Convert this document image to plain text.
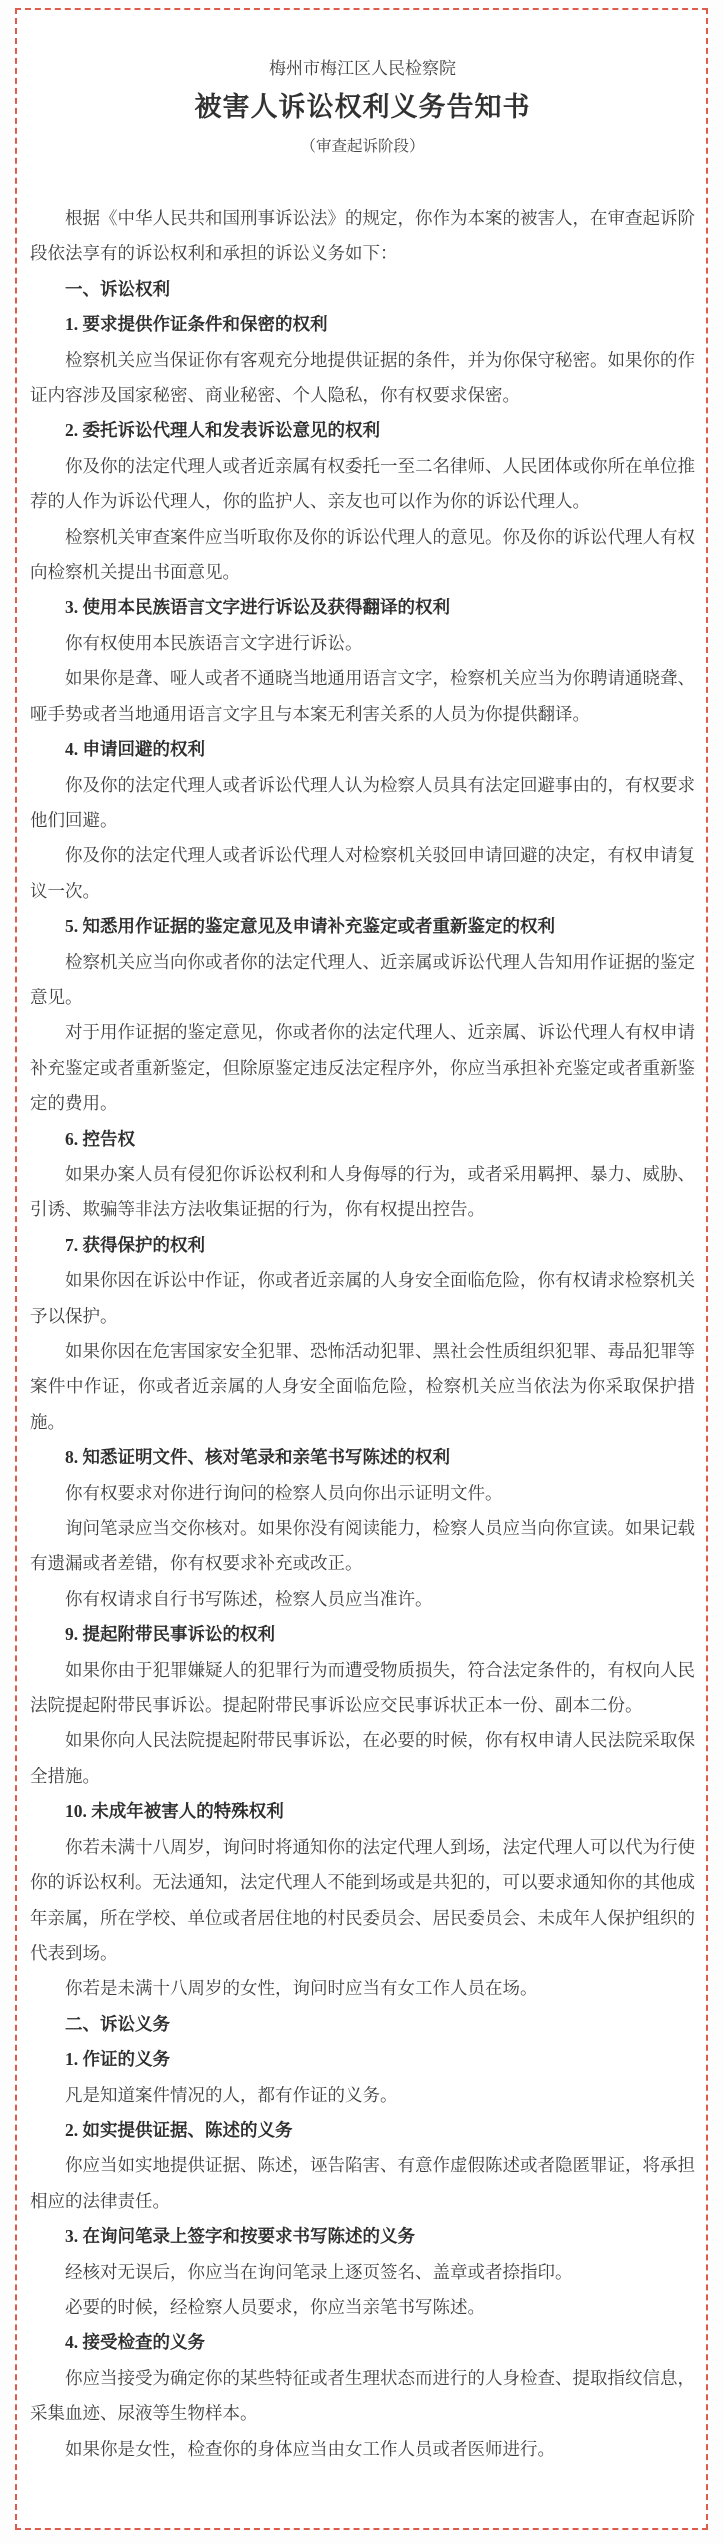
梅州市梅江区人民检察院

被害人诉讼权利义务告知书

（审查起诉阶段）

根据《中华人民共和国刑事诉讼法》的规定，你作为本案的被害人，在审查起诉阶段依法享有的诉讼权利和承担的诉讼义务如下：

一、诉讼权利

1. 要求提供作证条件和保密的权利

检察机关应当保证你有客观充分地提供证据的条件，并为你保守秘密。如果你的作证内容涉及国家秘密、商业秘密、个人隐私，你有权要求保密。

2. 委托诉讼代理人和发表诉讼意见的权利

你及你的法定代理人或者近亲属有权委托一至二名律师、人民团体或你所在单位推荐的人作为诉讼代理人，你的监护人、亲友也可以作为你的诉讼代理人。

检察机关审查案件应当听取你及你的诉讼代理人的意见。你及你的诉讼代理人有权向检察机关提出书面意见。

3. 使用本民族语言文字进行诉讼及获得翻译的权利

你有权使用本民族语言文字进行诉讼。

如果你是聋、哑人或者不通晓当地通用语言文字，检察机关应当为你聘请通晓聋、哑手势或者当地通用语言文字且与本案无利害关系的人员为你提供翻译。

4. 申请回避的权利

你及你的法定代理人或者诉讼代理人认为检察人员具有法定回避事由的，有权要求他们回避。

你及你的法定代理人或者诉讼代理人对检察机关驳回申请回避的决定，有权申请复议一次。

5. 知悉用作证据的鉴定意见及申请补充鉴定或者重新鉴定的权利

检察机关应当向你或者你的法定代理人、近亲属或诉讼代理人告知用作证据的鉴定意见。

对于用作证据的鉴定意见，你或者你的法定代理人、近亲属、诉讼代理人有权申请补充鉴定或者重新鉴定，但除原鉴定违反法定程序外，你应当承担补充鉴定或者重新鉴定的费用。

6. 控告权

如果办案人员有侵犯你诉讼权利和人身侮辱的行为，或者采用羁押、暴力、威胁、引诱、欺骗等非法方法收集证据的行为，你有权提出控告。

7. 获得保护的权利

如果你因在诉讼中作证，你或者近亲属的人身安全面临危险，你有权请求检察机关予以保护。

如果你因在危害国家安全犯罪、恐怖活动犯罪、黑社会性质组织犯罪、毒品犯罪等案件中作证，你或者近亲属的人身安全面临危险，检察机关应当依法为你采取保护措施。

8. 知悉证明文件、核对笔录和亲笔书写陈述的权利

你有权要求对你进行询问的检察人员向你出示证明文件。

询问笔录应当交你核对。如果你没有阅读能力，检察人员应当向你宣读。如果记载有遗漏或者差错，你有权要求补充或改正。

你有权请求自行书写陈述，检察人员应当准许。

9. 提起附带民事诉讼的权利

如果你由于犯罪嫌疑人的犯罪行为而遭受物质损失，符合法定条件的，有权向人民法院提起附带民事诉讼。提起附带民事诉讼应交民事诉状正本一份、副本二份。

如果你向人民法院提起附带民事诉讼，在必要的时候，你有权申请人民法院采取保全措施。

10. 未成年被害人的特殊权利

你若未满十八周岁，询问时将通知你的法定代理人到场，法定代理人可以代为行使你的诉讼权利。无法通知，法定代理人不能到场或是共犯的，可以要求通知你的其他成年亲属，所在学校、单位或者居住地的村民委员会、居民委员会、未成年人保护组织的代表到场。

你若是未满十八周岁的女性，询问时应当有女工作人员在场。

二、诉讼义务

1. 作证的义务

凡是知道案件情况的人，都有作证的义务。

2. 如实提供证据、陈述的义务

你应当如实地提供证据、陈述，诬告陷害、有意作虚假陈述或者隐匿罪证，将承担相应的法律责任。

3. 在询问笔录上签字和按要求书写陈述的义务

经核对无误后，你应当在询问笔录上逐页签名、盖章或者捺指印。

必要的时候，经检察人员要求，你应当亲笔书写陈述。

4. 接受检查的义务

你应当接受为确定你的某些特征或者生理状态而进行的人身检查、提取指纹信息，采集血迹、尿液等生物样本。

如果你是女性，检查你的身体应当由女工作人员或者医师进行。
